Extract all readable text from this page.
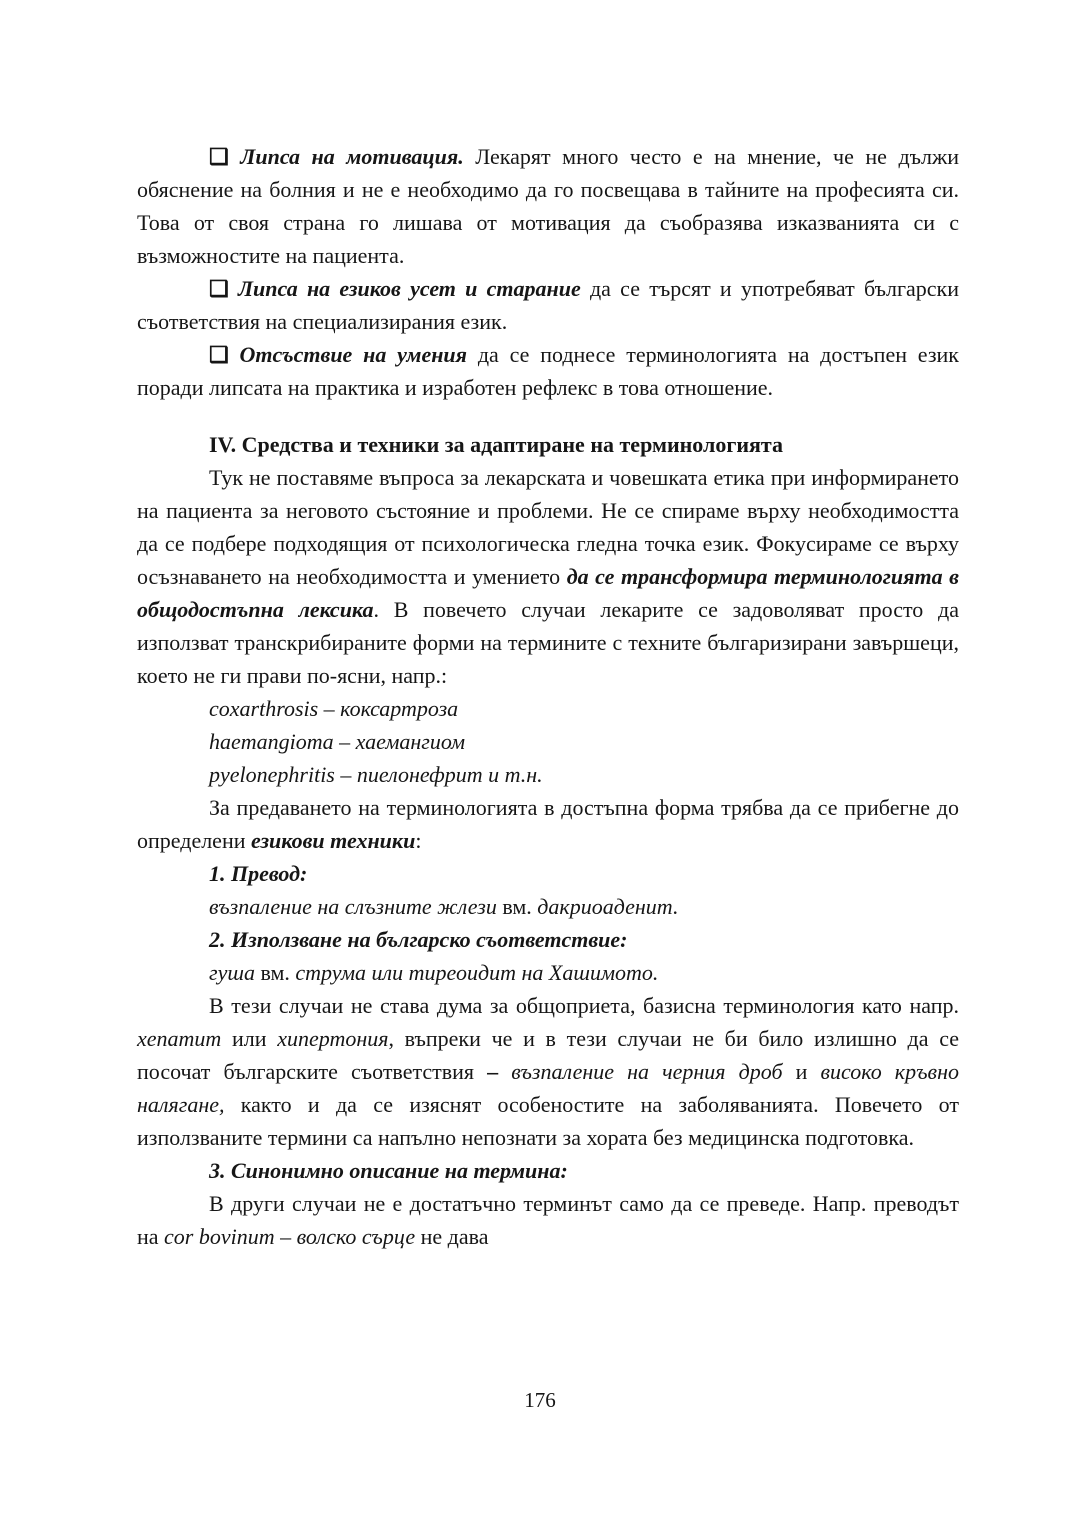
❑ Липса на мотивация. Лекарят много често е на мнение, че не дължи обяснение на болния и не е необходимо да го посвещава в тайните на професията си. Това от своя страна го лишава от мотивация да съобразява изказванията си с възможностите на пациента.

❑ Липса на езиков усет и старание да се търсят и употребяват български съответствия на специализирания език.

❑ Отсъствие на умения да се поднесе терминологията на достъпен език поради липсата на практика и изработен рефлекс в това отношение.

IV. Средства и техники за адаптиране на терминологията

Тук не поставяме въпроса за лекарската и човешката етика при информирането на пациента за неговото състояние и проблеми. Не се спираме върху необходимостта да се подбере подходящия от психологическа гледна точка език. Фокусираме се върху осъзнаването на необходимостта и умението да се трансформира терминологията в общодостъпна лексика. В повечето случаи лекарите се задоволяват просто да използват транскрибираните форми на термините с техните българизирани завършеци, което не ги прави по-ясни, напр.:

coxarthrosis – коксартроза

haemangioma – хаемангиом

pyelonephritis – пиелонефрит и т.н.

За предаването на терминологията в достъпна форма трябва да се прибегне до определени езикови техники:

1. Превод:

възпаление на слъзните жлези вм. дакриоаденит.

2. Използване на българско съответствие:

гуша вм. струма или тиреоидит на Хашимото.

В тези случаи не става дума за общоприета, базисна терминология като напр. хепатит или хипертония, въпреки че и в тези случаи не би било излишно да се посочат българските съответствия – възпаление на черния дроб и високо кръвно налягане, както и да се изяснят особеностите на заболяванията. Повечето от използваните термини са напълно непознати за хората без медицинска подготовка.

3. Синонимно описание на термина:

В други случаи не е достатъчно терминът само да се преведе. Напр. преводът на cor bovinum – волско сърце не дава

176
